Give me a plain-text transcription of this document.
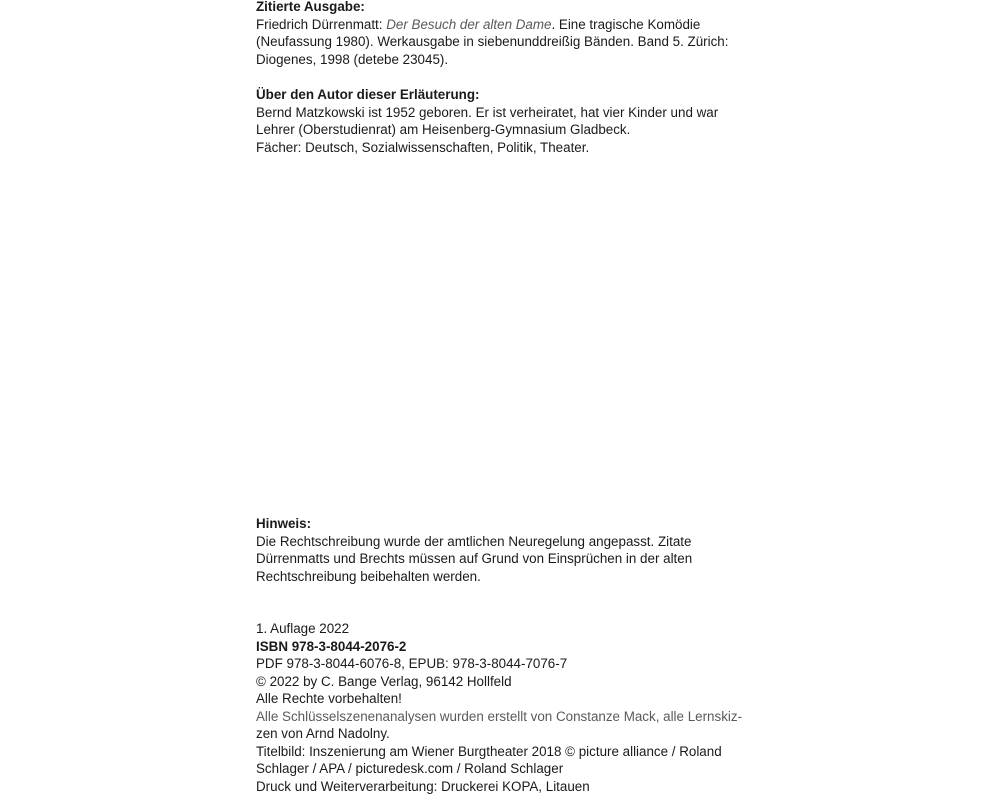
Zitierte Ausgabe:
Friedrich Dürrenmatt: Der Besuch der alten Dame. Eine tragische Komödie
(Neufassung 1980). Werkausgabe in siebenunddreißig Bänden. Band 5. Zürich:
Diogenes, 1998 (detebe 23045).
Über den Autor dieser Erläuterung:
Bernd Matzkowski ist 1952 geboren. Er ist verheiratet, hat vier Kinder und war
Lehrer (Oberstudienrat) am Heisenberg-Gymnasium Gladbeck.
Fächer: Deutsch, Sozialwissenschaften, Politik, Theater.
Hinweis:
Die Rechtschreibung wurde der amtlichen Neuregelung angepasst. Zitate
Dürrenmatts und Brechts müssen auf Grund von Einsprüchen in der alten
Rechtschreibung beibehalten werden.
1. Auflage 2022
ISBN 978-3-8044-2076-2
PDF 978-3-8044-6076-8, EPUB: 978-3-8044-7076-7
© 2022 by C. Bange Verlag, 96142 Hollfeld
Alle Rechte vorbehalten!
Alle Schlüsselszenenanalysen wurden erstellt von Constanze Mack, alle Lernskiz-
zen von Arnd Nadolny.
Titelbild: Inszenierung am Wiener Burgtheater 2018 © picture alliance / Roland
Schlager / APA / picturedesk.com / Roland Schlager
Druck und Weiterverarbeitung: Druckerei KOPA, Litauen
